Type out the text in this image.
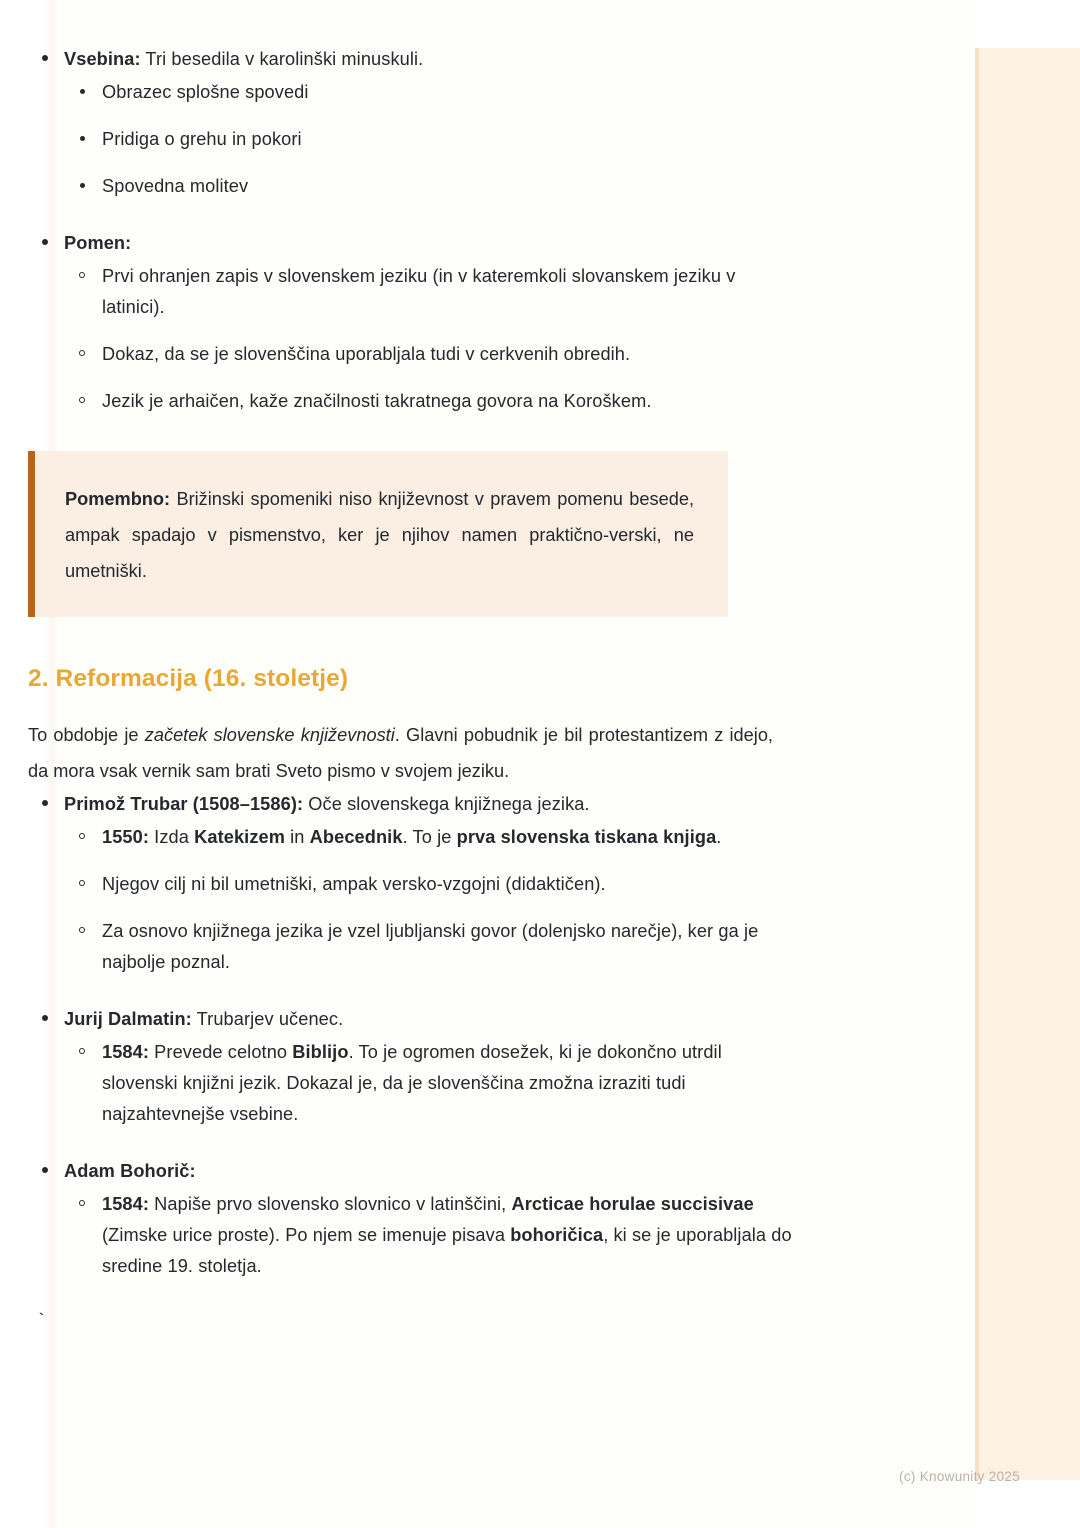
Vsebina: Tri besedila v karolinški minuskuli.
Obrazec splošne spovedi
Pridiga o grehu in pokori
Spovedna molitev
Pomen:
Prvi ohranjen zapis v slovenskem jeziku (in v kateremkoli slovanskem jeziku v latinici).
Dokaz, da se je slovenščina uporabljala tudi v cerkvenih obredih.
Jezik je arhaičen, kaže značilnosti takratnega govora na Koroškem.

Pomembno: Brižinski spomeniki niso književnost v pravem pomenu besede, ampak spadajo v pismenstvo, ker je njihov namen praktično-verski, ne umetniški.

2. Reformacija (16. stoletje)

To obdobje je začetek slovenske književnosti. Glavni pobudnik je bil protestantizem z idejo, da mora vsak vernik sam brati Sveto pismo v svojem jeziku.

Primož Trubar (1508–1586): Oče slovenskega knjižnega jezika.
1550: Izda Katekizem in Abecednik. To je prva slovenska tiskana knjiga.
Njegov cilj ni bil umetniški, ampak versko-vzgojni (didaktičen).
Za osnovo knjižnega jezika je vzel ljubljanski govor (dolenjsko narečje), ker ga je najbolje poznal.
Jurij Dalmatin: Trubarjev učenec.
1584: Prevede celotno Biblijo. To je ogromen dosežek, ki je dokončno utrdil slovenski knjižni jezik. Dokazal je, da je slovenščina zmožna izraziti tudi najzahtevnejše vsebine.
Adam Bohorič:
1584: Napiše prvo slovensko slovnico v latinščini, Arcticae horulae succisivae (Zimske urice proste). Po njem se imenuje pisava bohoričica, ki se je uporabljala do sredine 19. stoletja.
`
(c) Knowunity 2025
